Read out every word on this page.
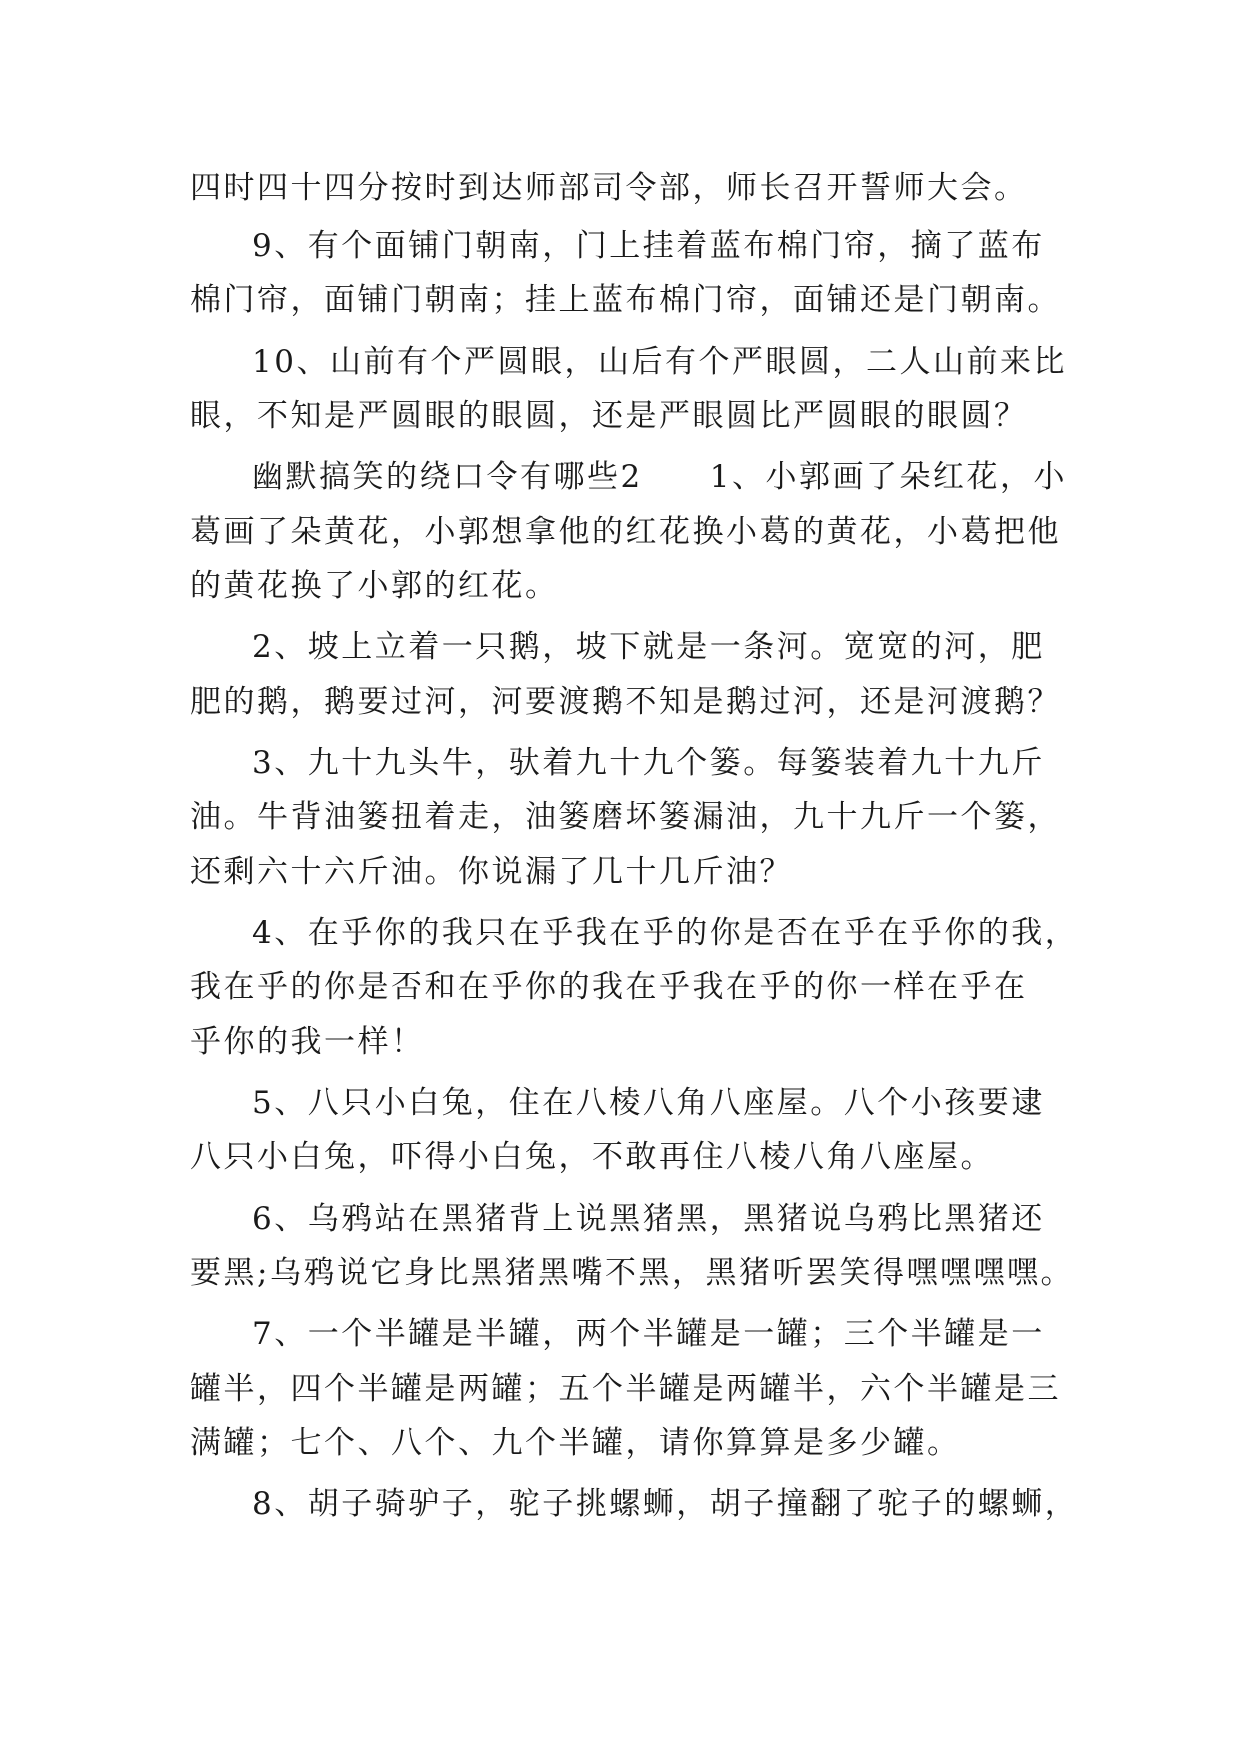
四时四十四分按时到达师部司令部，师长召开誓师大会。
9、有个面铺门朝南，门上挂着蓝布棉门帘，摘了蓝布
棉门帘，面铺门朝南；挂上蓝布棉门帘，面铺还是门朝南。
10、山前有个严圆眼，山后有个严眼圆，二人山前来比
眼，不知是严圆眼的眼圆，还是严眼圆比严圆眼的眼圆？
幽默搞笑的绕口令有哪些2　　1、小郭画了朵红花，小
葛画了朵黄花，小郭想拿他的红花换小葛的黄花，小葛把他
的黄花换了小郭的红花。
2、坡上立着一只鹅，坡下就是一条河。宽宽的河，肥
肥的鹅，鹅要过河，河要渡鹅不知是鹅过河，还是河渡鹅？
3、九十九头牛，驮着九十九个篓。每篓装着九十九斤
油。牛背油篓扭着走，油篓磨坏篓漏油，九十九斤一个篓，
还剩六十六斤油。你说漏了几十几斤油？
4、在乎你的我只在乎我在乎的你是否在乎在乎你的我，
我在乎的你是否和在乎你的我在乎我在乎的你一样在乎在
乎你的我一样！
5、八只小白兔，住在八棱八角八座屋。八个小孩要逮
八只小白兔，吓得小白兔，不敢再住八棱八角八座屋。
6、乌鸦站在黑猪背上说黑猪黑，黑猪说乌鸦比黑猪还
要黑;乌鸦说它身比黑猪黑嘴不黑，黑猪听罢笑得嘿嘿嘿嘿。
7、一个半罐是半罐，两个半罐是一罐；三个半罐是一
罐半，四个半罐是两罐；五个半罐是两罐半，六个半罐是三
满罐；七个、八个、九个半罐，请你算算是多少罐。
8、胡子骑驴子，驼子挑螺蛳，胡子撞翻了驼子的螺蛳，
